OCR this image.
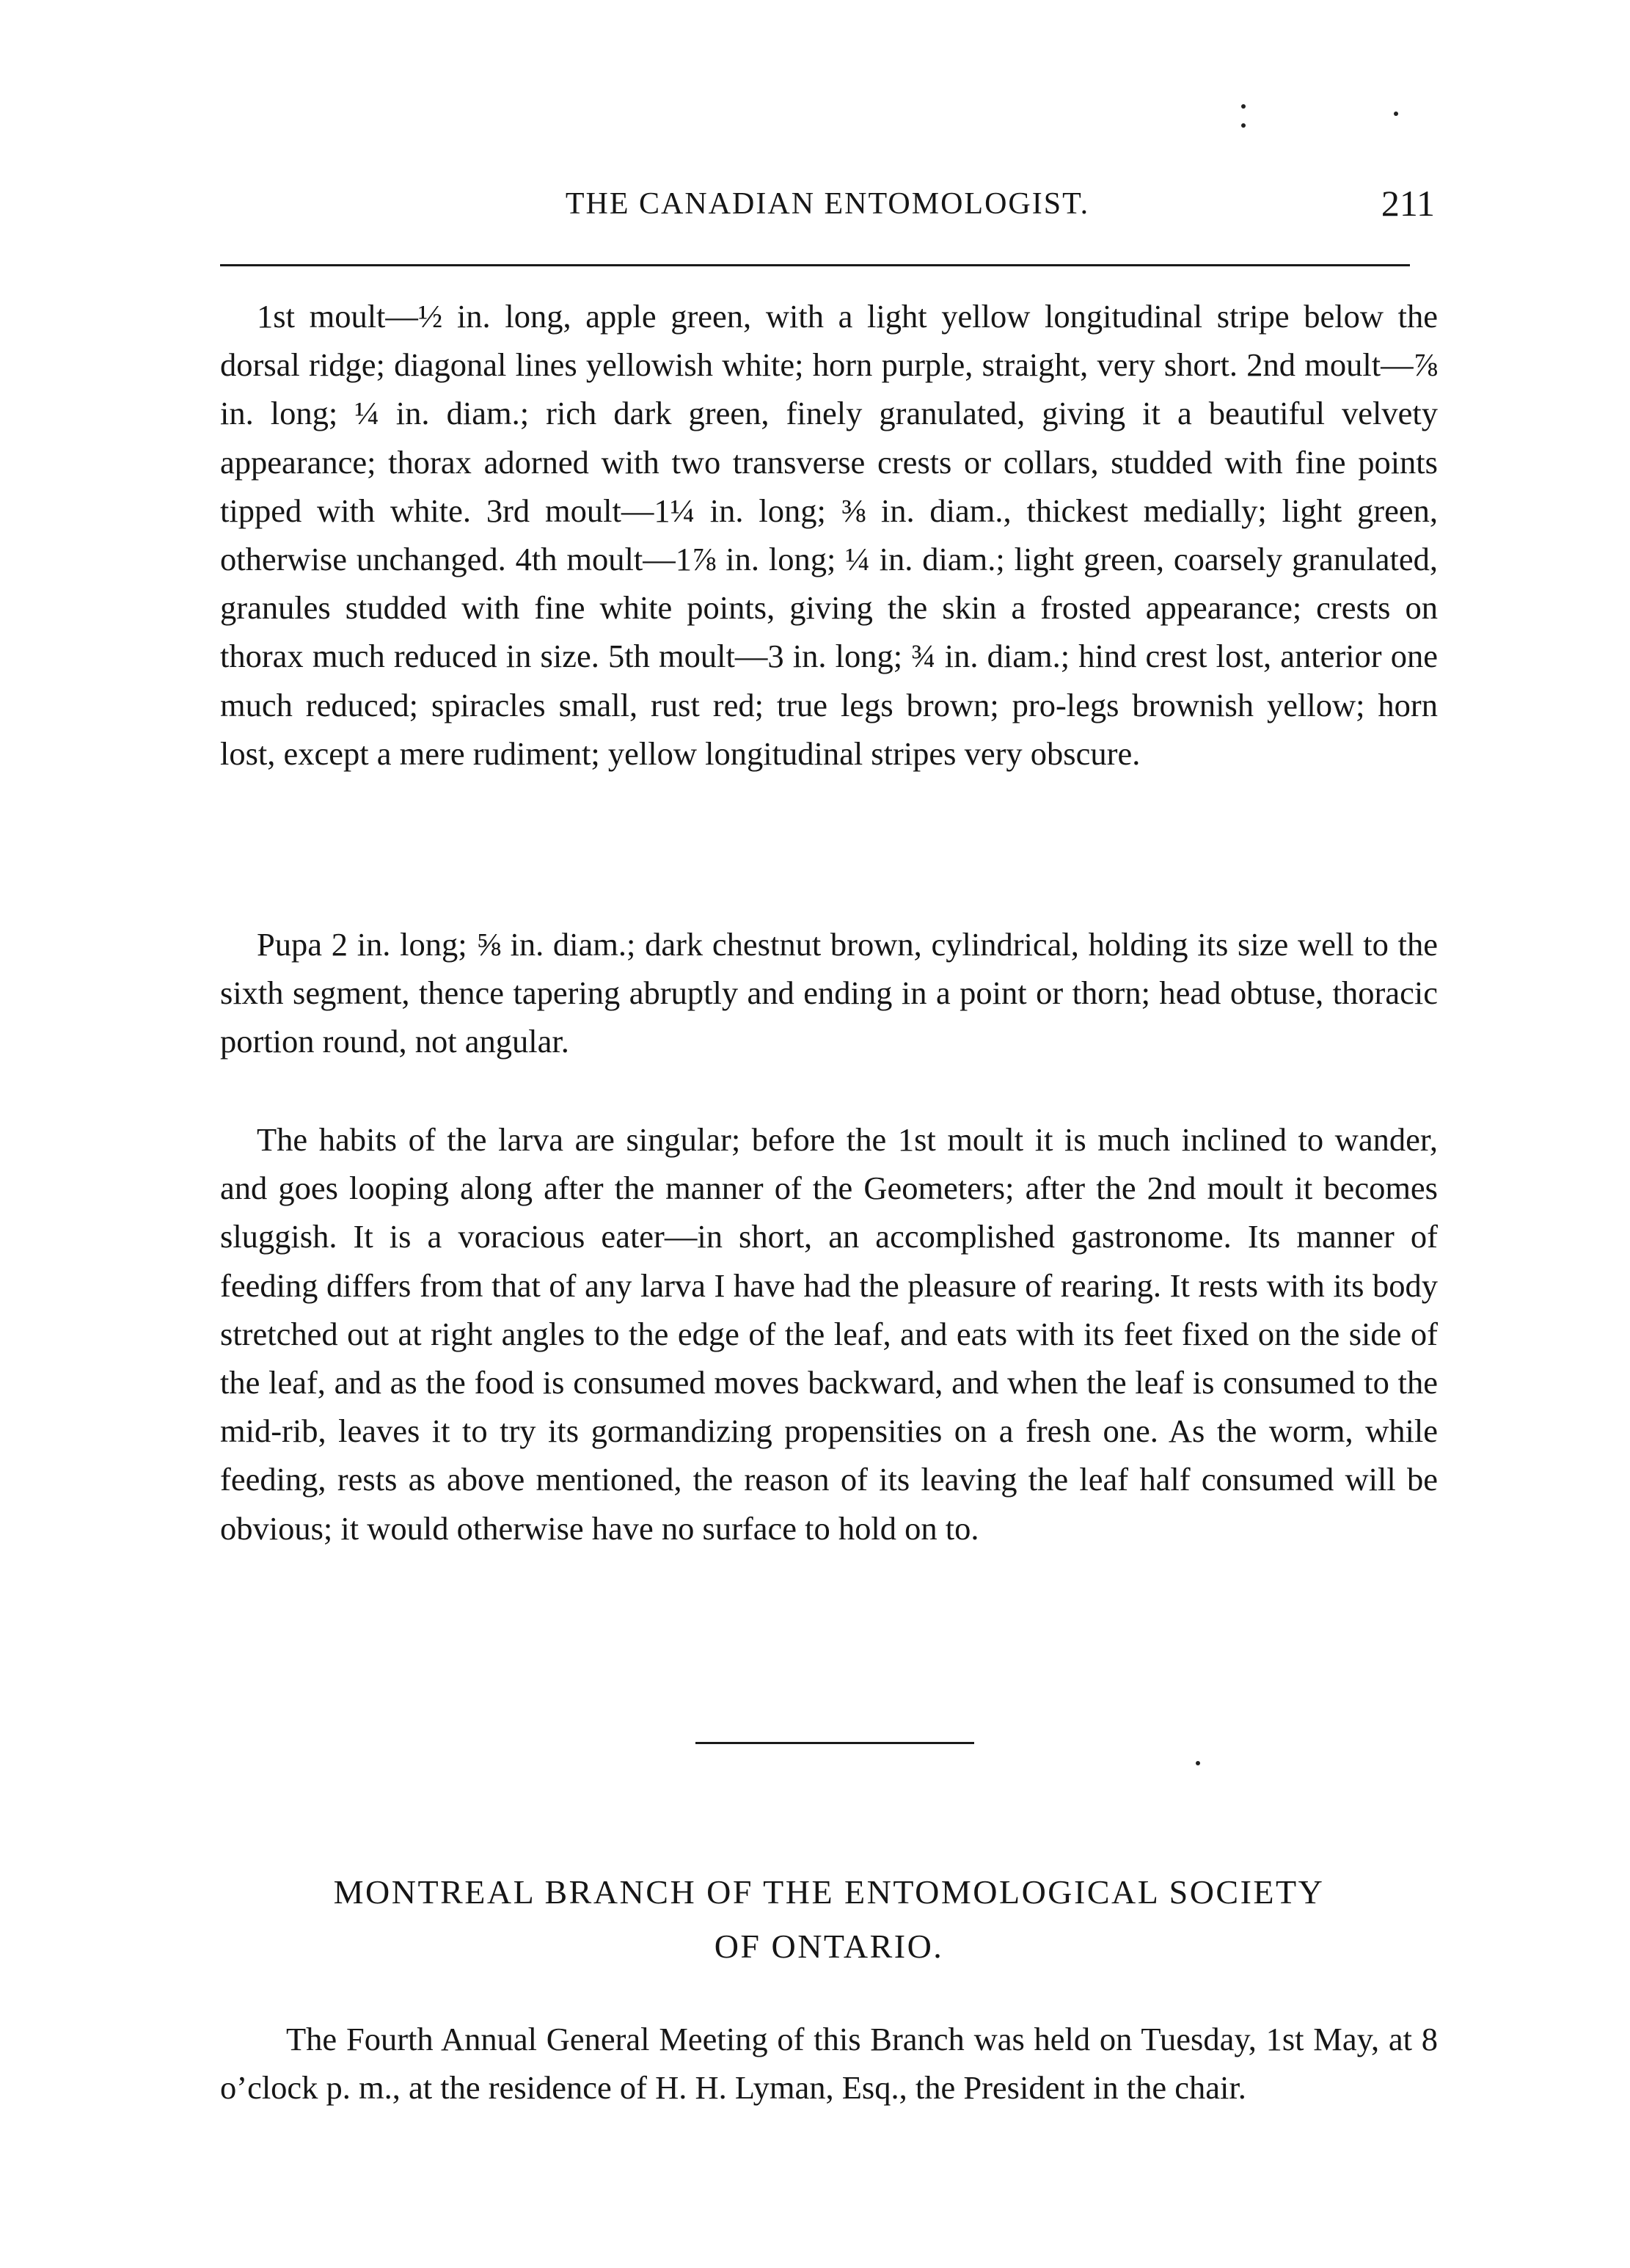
THE CANADIAN ENTOMOLOGIST.	211

1st moult—½ in. long, apple green, with a light yellow longitudinal stripe below the dorsal ridge; diagonal lines yellowish white; horn purple, straight, very short. 2nd moult—⅞ in. long; ¼ in. diam.; rich dark green, finely granulated, giving it a beautiful velvety appearance; thorax adorned with two transverse crests or collars, studded with fine points tipped with white. 3rd moult—1¼ in. long; ⅜ in. diam., thickest medially; light green, otherwise unchanged. 4th moult—1⅞ in. long; ¼ in. diam.; light green, coarsely granulated, granules studded with fine white points, giving the skin a frosted appearance; crests on thorax much reduced in size. 5th moult—3 in. long; ¾ in. diam.; hind crest lost, anterior one much reduced; spiracles small, rust red; true legs brown; pro-legs brownish yellow; horn lost, except a mere rudiment; yellow longitudinal stripes very obscure.

Pupa 2 in. long; ⅝ in. diam.; dark chestnut brown, cylindrical, holding its size well to the sixth segment, thence tapering abruptly and ending in a point or thorn; head obtuse, thoracic portion round, not angular.

The habits of the larva are singular; before the 1st moult it is much inclined to wander, and goes looping along after the manner of the Geometers; after the 2nd moult it becomes sluggish. It is a voracious eater—in short, an accomplished gastronome. Its manner of feeding differs from that of any larva I have had the pleasure of rearing. It rests with its body stretched out at right angles to the edge of the leaf, and eats with its feet fixed on the side of the leaf, and as the food is consumed moves backward, and when the leaf is consumed to the mid-rib, leaves it to try its gormandizing propensities on a fresh one. As the worm, while feeding, rests as above mentioned, the reason of its leaving the leaf half consumed will be obvious; it would otherwise have no surface to hold on to.

MONTREAL BRANCH OF THE ENTOMOLOGICAL SOCIETY
OF ONTARIO.

The Fourth Annual General Meeting of this Branch was held on Tuesday, 1st May, at 8 o’clock p. m., at the residence of H. H. Lyman, Esq., the President in the chair.
